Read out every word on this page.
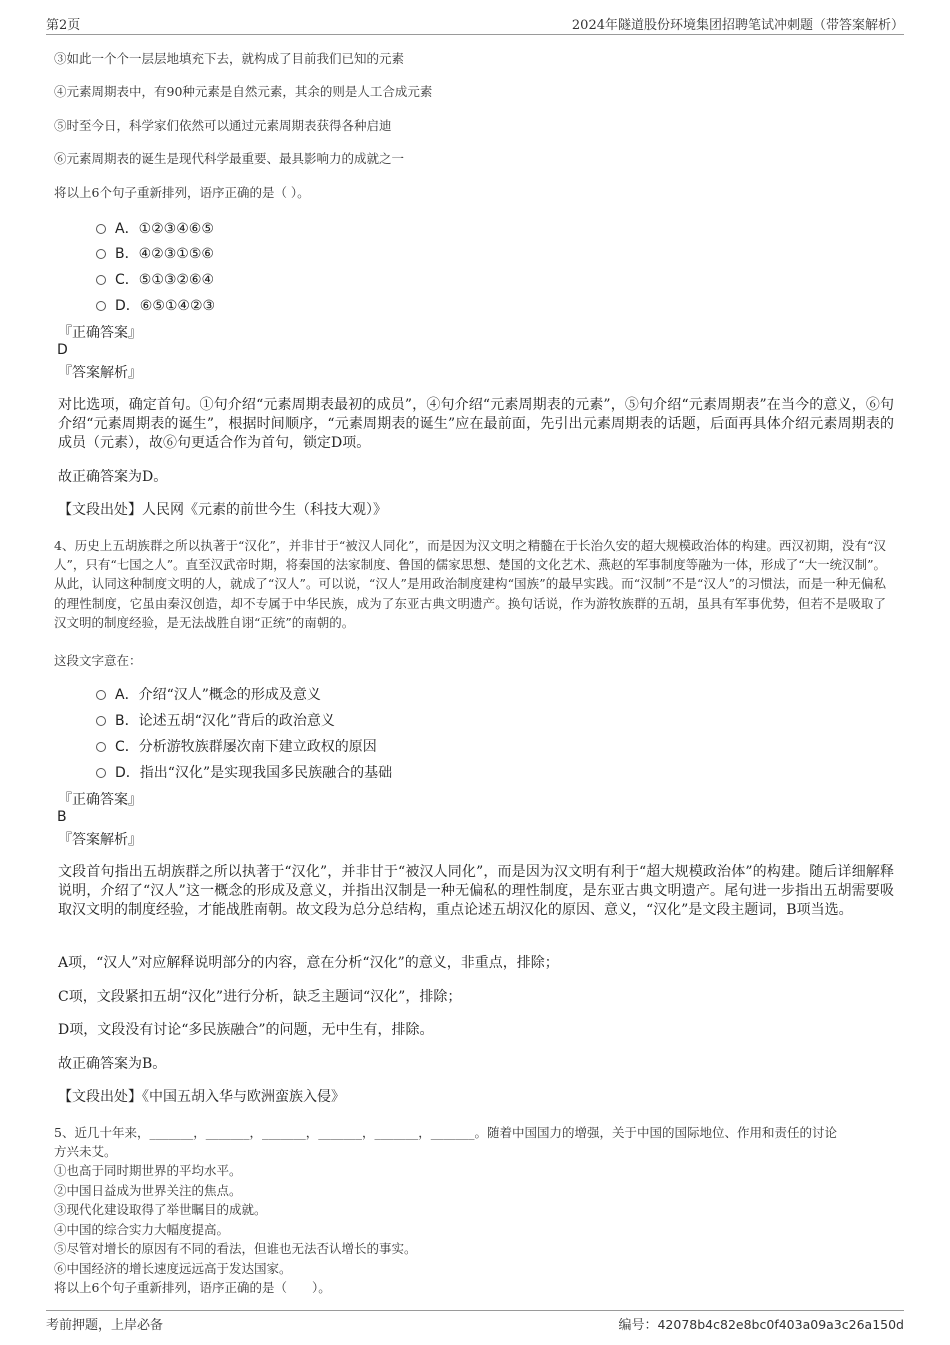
第2页	2024年隧道股份环境集团招聘笔试冲刺题（带答案解析）
③如此一个个一层层地填充下去，就构成了目前我们已知的元素
④元素周期表中，有90种元素是自然元素，其余的则是人工合成元素
⑤时至今日，科学家们依然可以通过元素周期表获得各种启迪
⑥元素周期表的诞生是现代科学最重要、最具影响力的成就之一
将以上6个句子重新排列，语序正确的是（ ）。
A．①②③④⑥⑤
B．④②③①⑤⑥
C．⑤①③②⑥④
D．⑥⑤①④②③
『正确答案』
D
『答案解析』
对比选项，确定首句。①句介绍“元素周期表最初的成员”，④句介绍“元素周期表的元素”，⑤句介绍“元素周期表”在当今的意义，⑥句介绍“元素周期表的诞生”，根据时间顺序，“元素周期表的诞生”应在最前面，先引出元素周期表的话题，后面再具体介绍元素周期表的成员（元素），故⑥句更适合作为首句，锁定D项。
故正确答案为D。
【文段出处】人民网《元素的前世今生（科技大观）》
4、历史上五胡族群之所以执著于“汉化”，并非甘于“被汉人同化”，而是因为汉文明之精髓在于长治久安的超大规模政治体的构建。西汉初期，没有“汉人”，只有“七国之人”。直至汉武帝时期，将秦国的法家制度、鲁国的儒家思想、楚国的文化艺术、燕赵的军事制度等融为一体，形成了“大一统汉制”。从此，认同这种制度文明的人，就成了“汉人”。可以说，“汉人”是用政治制度建构“国族”的最早实践。而“汉制”不是“汉人”的习惯法，而是一种无偏私的理性制度，它虽由秦汉创造，却不专属于中华民族，成为了东亚古典文明遗产。换句话说，作为游牧族群的五胡，虽具有军事优势，但若不是吸取了汉文明的制度经验，是无法战胜自诩“正统”的南朝的。
这段文字意在：
A．介绍“汉人”概念的形成及意义
B．论述五胡“汉化”背后的政治意义
C．分析游牧族群屡次南下建立政权的原因
D．指出“汉化”是实现我国多民族融合的基础
『正确答案』
B
『答案解析』
文段首句指出五胡族群之所以执著于“汉化”，并非甘于“被汉人同化”，而是因为汉文明有利于“超大规模政治体”的构建。随后详细解释说明，介绍了“汉人”这一概念的形成及意义，并指出汉制是一种无偏私的理性制度，是东亚古典文明遗产。尾句进一步指出五胡需要吸取汉文明的制度经验，才能战胜南朝。故文段为总分总结构，重点论述五胡汉化的原因、意义，“汉化”是文段主题词，B项当选。
A项，“汉人”对应解释说明部分的内容，意在分析“汉化”的意义，非重点，排除；
C项，文段紧扣五胡“汉化”进行分析，缺乏主题词“汉化”，排除；
D项，文段没有讨论“多民族融合”的问题，无中生有，排除。
故正确答案为B。
【文段出处】《中国五胡入华与欧洲蛮族入侵》
5、近几十年来，_______，_______，_______，_______，_______，_______。随着中国国力的增强，关于中国的国际地位、作用和责任的讨论
方兴未艾。
①也高于同时期世界的平均水平。
②中国日益成为世界关注的焦点。
③现代化建设取得了举世瞩目的成就。
④中国的综合实力大幅度提高。
⑤尽管对增长的原因有不同的看法，但谁也无法否认增长的事实。
⑥中国经济的增长速度远远高于发达国家。
将以上6个句子重新排列，语序正确的是（　　）。
考前押题，上岸必备	编号：42078b4c82e8bc0f403a09a3c26a150d
